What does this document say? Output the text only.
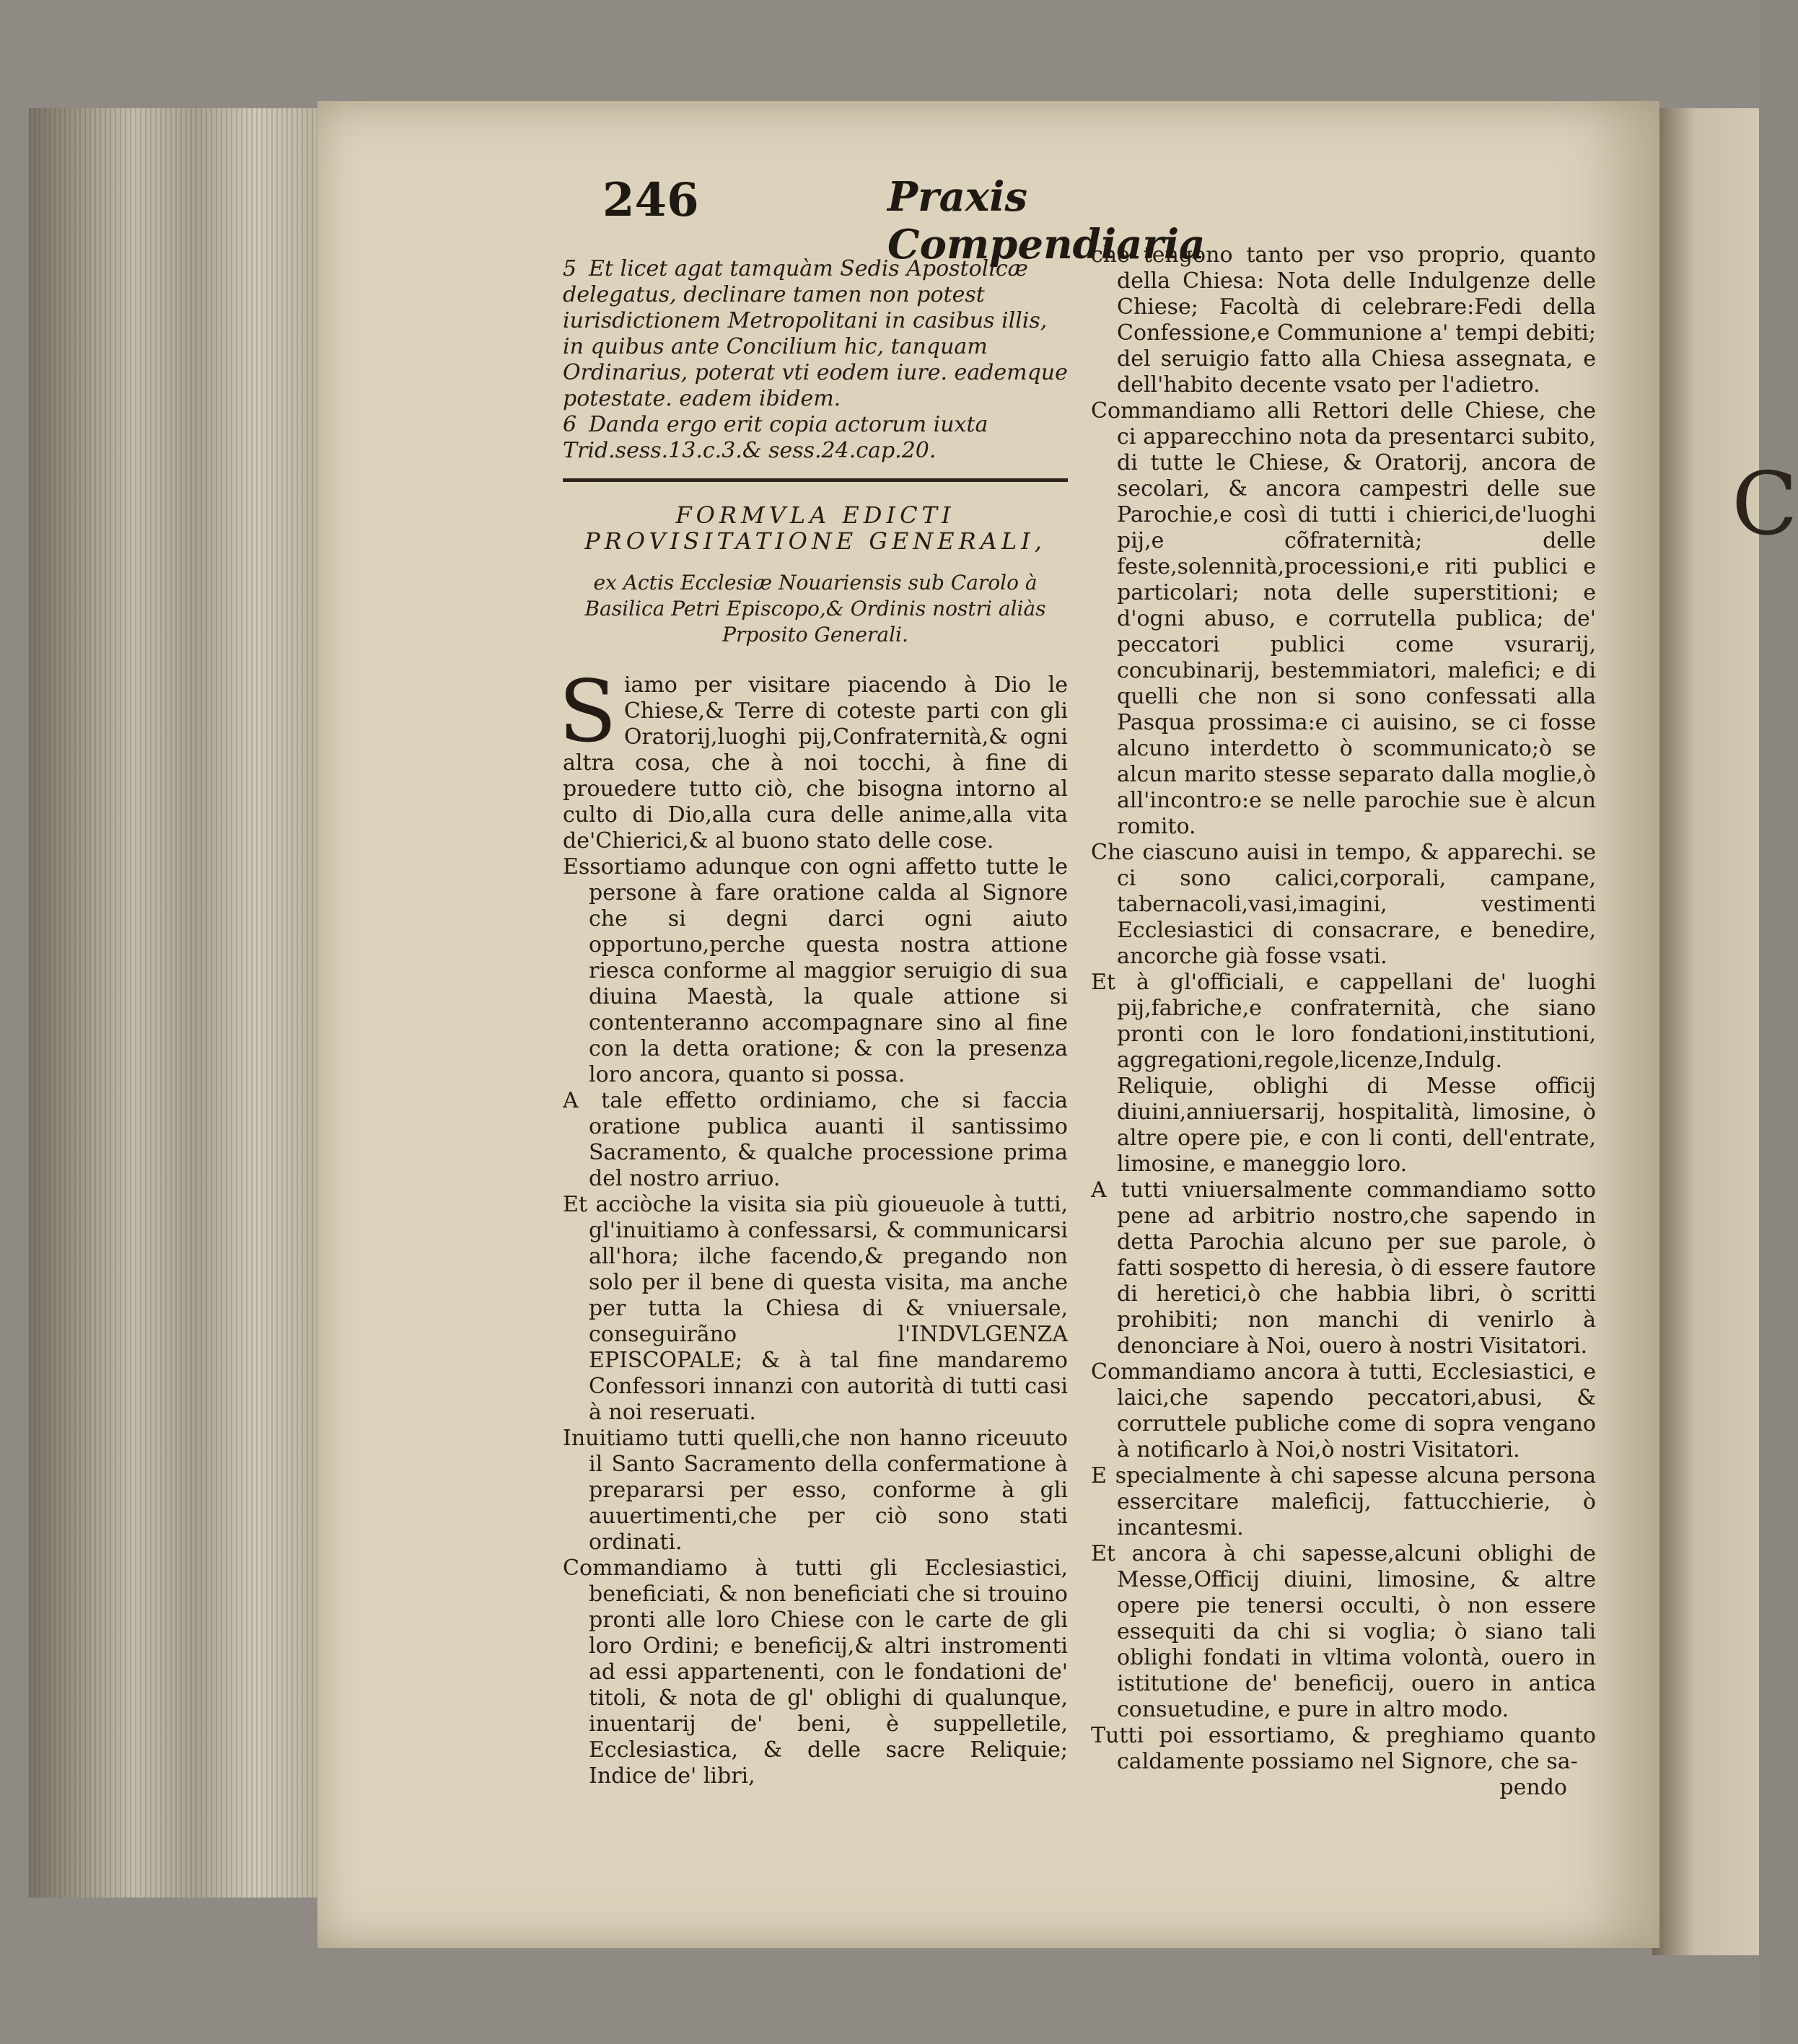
C
246	Praxis Compendiaria

5 Et licet agat tamquàm Sedis Apostolicæ delegatus, declinare tamen non potest iurisdictionem Metropolitani in casibus illis, in quibus ante Concilium hic, tanquam Ordinarius, poterat vti eodem iure. eademque potestate. eadem ibidem.

6 Danda ergo erit copia actorum iuxta Trid.sess.13.c.3.& sess.24.cap.20.

FORMVLA EDICTI PROVISITATIONE GENERALI,

ex Actis Ecclesiæ Nouariensis sub Carolo à Basilica Petri Episcopo,& Ordinis nostri aliàs Prposito Generali.

Siamo per visitare piacendo à Dio le Chiese,& Terre di coteste parti con gli Oratorij,luoghi pij,Confraternità,& ogni altra cosa, che à noi tocchi, à fine di prouedere tutto ciò, che bisogna intorno al culto di Dio,alla cura delle anime,alla vita de'Chierici,& al buono stato delle cose.

Essortiamo adunque con ogni affetto tutte le persone à fare oratione calda al Signore che si degni darci ogni aiuto opportuno,perche questa nostra attione riesca conforme al maggior seruigio di sua diuina Maestà, la quale attione si contenteranno accompagnare sino al fine con la detta oratione; & con la presenza loro ancora, quanto si possa.

A tale effetto ordiniamo, che si faccia oratione publica auanti il santissimo Sacramento, & qualche processione prima del nostro arriuo.

Et acciòche la visita sia più gioueuole à tutti, gl'inuitiamo à confessarsi, & communicarsi all'hora; ilche facendo,& pregando non solo per il bene di questa visita, ma anche per tutta la Chiesa di & vniuersale, conseguirãno l'INDVLGENZA EPISCOPALE; & à tal fine mandaremo Confessori innanzi con autorità di tutti casi à noi reseruati.

Inuitiamo tutti quelli,che non hanno riceuuto il Santo Sacramento della confermatione à prepararsi per esso, conforme à gli auuertimenti,che per ciò sono stati ordinati.

Commandiamo à tutti gli Ecclesiastici, beneficiati, & non beneficiati che si trouino pronti alle loro Chiese con le carte de gli loro Ordini; e beneficij,& altri instromenti ad essi appartenenti, con le fondationi de' titoli, & nota de gl' oblighi di qualunque, inuentarij de' beni, è suppelletile, Ecclesiastica, & delle sacre Reliquie; Indice de' libri,

che tengono tanto per vso proprio, quanto della Chiesa: Nota delle Indulgenze delle Chiese; Facoltà di celebrare:Fedi della Confessione,e Communione a' tempi debiti; del seruigio fatto alla Chiesa assegnata, e dell'habito decente vsato per l'adietro.

Commandiamo alli Rettori delle Chiese, che ci apparecchino nota da presentarci subito, di tutte le Chiese, & Oratorij, ancora de secolari, & ancora campestri delle sue Parochie,e così di tutti i chierici,de'luoghi pij,e cõfraternità; delle feste,solennità,processioni,e riti publici e particolari; nota delle superstitioni; e d'ogni abuso, e corrutella publica; de' peccatori publici come vsurarij, concubinarij, bestemmiatori, malefici; e di quelli che non si sono confessati alla Pasqua prossima:e ci auisino, se ci fosse alcuno interdetto ò scommunicato;ò se alcun marito stesse separato dalla moglie,ò all'incontro:e se nelle parochie sue è alcun romito.

Che ciascuno auisi in tempo, & apparechi. se ci sono calici,corporali, campane, tabernacoli,vasi,imagini, vestimenti Ecclesiastici di consacrare, e benedire, ancorche già fosse vsati.

Et à gl'officiali, e cappellani de' luoghi pij,fabriche,e confraternità, che siano pronti con le loro fondationi,institutioni, aggregationi,regole,licenze,Indulg. Reliquie, oblighi di Messe officij diuini,anniuersarij, hospitalità, limosine, ò altre opere pie, e con li conti, dell'entrate, limosine, e maneggio loro.

A tutti vniuersalmente commandiamo sotto pene ad arbitrio nostro,che sapendo in detta Parochia alcuno per sue parole, ò fatti sospetto di heresia, ò di essere fautore di heretici,ò che habbia libri, ò scritti prohibiti; non manchi di venirlo à denonciare à Noi, ouero à nostri Visitatori.

Commandiamo ancora à tutti, Ecclesiastici, e laici,che sapendo peccatori,abusi, & corruttele publiche come di sopra vengano à notificarlo à Noi,ò nostri Visitatori.

E specialmente à chi sapesse alcuna persona essercitare maleficij, fattucchierie, ò incantesmi.

Et ancora à chi sapesse,alcuni oblighi de Messe,Officij diuini, limosine, & altre opere pie tenersi occulti, ò non essere essequiti da chi si voglia; ò siano tali oblighi fondati in vltima volontà, ouero in istitutione de' beneficij, ouero in antica consuetudine, e pure in altro modo.

Tutti poi essortiamo, & preghiamo quanto caldamente possiamo nel Signore, che sa-

pendo
